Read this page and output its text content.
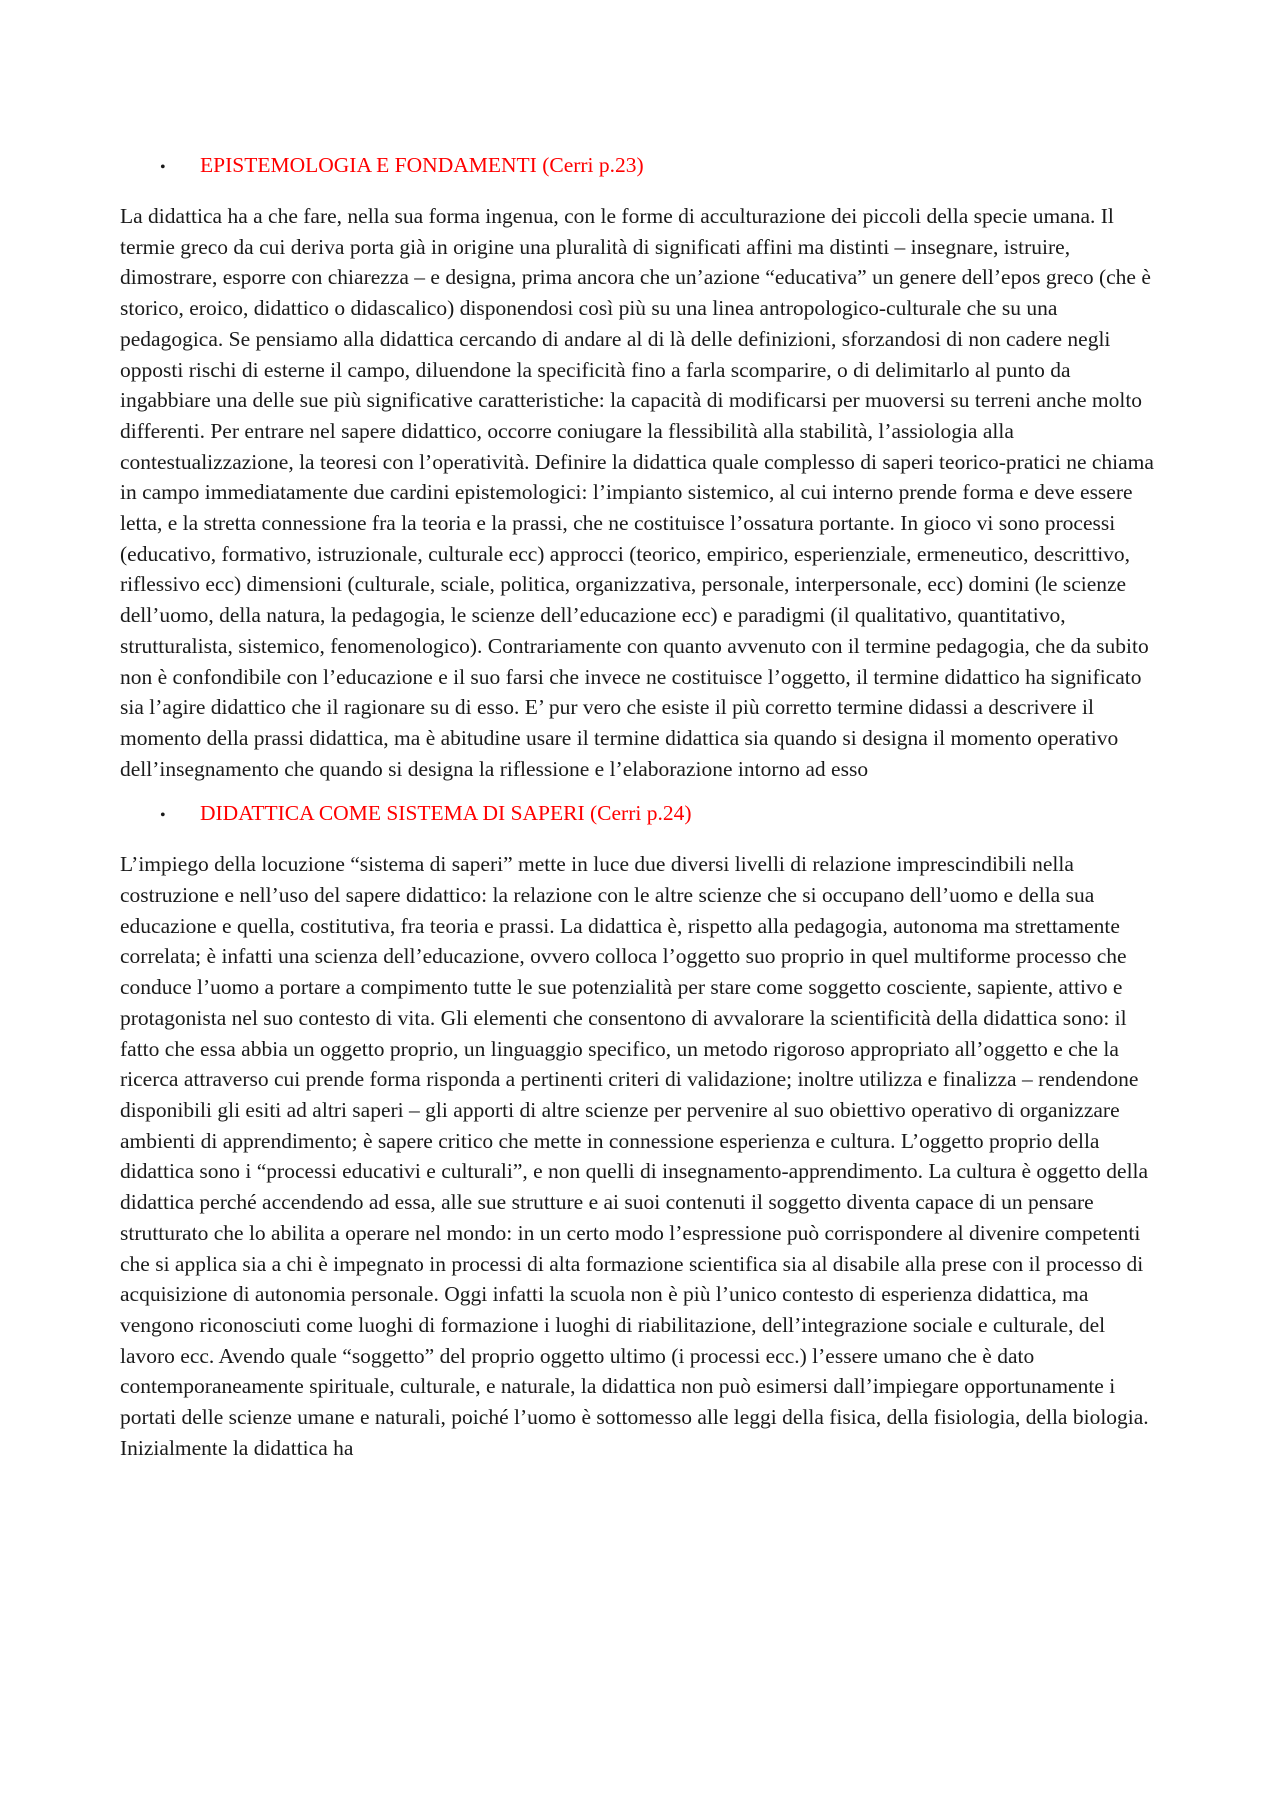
•	EPISTEMOLOGIA E FONDAMENTI (Cerri p.23)

La didattica ha a che fare, nella sua forma ingenua, con le forme di acculturazione dei piccoli della specie umana. Il termie greco da cui deriva porta già in origine una pluralità di significati affini ma distinti – insegnare, istruire, dimostrare, esporre con chiarezza – e designa, prima ancora che un’azione “educativa” un genere dell’epos greco (che è storico, eroico, didattico o didascalico) disponendosi così più su una linea antropologico-culturale che su una pedagogica. Se pensiamo alla didattica cercando di andare al di là delle definizioni, sforzandosi di non cadere negli opposti rischi di esterne il campo, diluendone la specificità fino a farla scomparire, o di delimitarlo al punto da ingabbiare una delle sue più significative caratteristiche: la capacità di modificarsi per muoversi su terreni anche molto differenti. Per entrare nel sapere didattico, occorre coniugare la flessibilità alla stabilità, l’assiologia alla contestualizzazione, la teoresi con l’operatività. Definire la didattica quale complesso di saperi teorico-pratici ne chiama in campo immediatamente due cardini epistemologici: l’impianto sistemico, al cui interno prende forma e deve essere letta, e la stretta connessione fra la teoria e la prassi, che ne costituisce l’ossatura portante. In gioco vi sono processi (educativo, formativo, istruzionale, culturale ecc) approcci (teorico, empirico, esperienziale, ermeneutico, descrittivo, riflessivo ecc) dimensioni (culturale, sciale, politica, organizzativa, personale, interpersonale, ecc) domini (le scienze dell’uomo, della natura, la pedagogia, le scienze dell’educazione ecc) e paradigmi (il qualitativo, quantitativo, strutturalista, sistemico, fenomenologico). Contrariamente con quanto avvenuto con il termine pedagogia, che da subito non è confondibile con l’educazione e il suo farsi che invece ne costituisce l’oggetto, il termine didattico ha significato sia l’agire didattico che il ragionare su di esso. E’ pur vero che esiste il più corretto termine didassi a descrivere il momento della prassi didattica, ma è abitudine usare il termine didattica sia quando si designa il momento operativo dell’insegnamento che quando si designa la riflessione e l’elaborazione intorno ad esso

•	DIDATTICA COME SISTEMA DI SAPERI (Cerri p.24)

L’impiego della locuzione “sistema di saperi” mette in luce due diversi livelli di relazione imprescindibili nella costruzione e nell’uso del sapere didattico: la relazione con le altre scienze che si occupano dell’uomo e della sua educazione e quella, costitutiva, fra teoria e prassi. La didattica è, rispetto alla pedagogia, autonoma ma strettamente correlata; è infatti una scienza dell’educazione, ovvero colloca l’oggetto suo proprio in quel multiforme processo che conduce l’uomo a portare a compimento tutte le sue potenzialità per stare come soggetto cosciente, sapiente, attivo e protagonista nel suo contesto di vita. Gli elementi che consentono di avvalorare la scientificità della didattica sono: il fatto che essa abbia un oggetto proprio, un linguaggio specifico, un metodo rigoroso appropriato all’oggetto e che la ricerca attraverso cui prende forma risponda a pertinenti criteri di validazione; inoltre utilizza e finalizza – rendendone disponibili gli esiti ad altri saperi – gli apporti di altre scienze per pervenire al suo obiettivo operativo di organizzare ambienti di apprendimento; è sapere critico che mette in connessione esperienza e cultura. L’oggetto proprio della didattica sono i “processi educativi e culturali”, e non quelli di insegnamento-apprendimento. La cultura è oggetto della didattica perché accendendo ad essa, alle sue strutture e ai suoi contenuti il soggetto diventa capace di un pensare strutturato che lo abilita a operare nel mondo: in un certo modo l’espressione può corrispondere al divenire competenti che si applica sia a chi è impegnato in processi di alta formazione scientifica sia al disabile alla prese con il processo di acquisizione di autonomia personale. Oggi infatti la scuola non è più l’unico contesto di esperienza didattica, ma vengono riconosciuti come luoghi di formazione i luoghi di riabilitazione, dell’integrazione sociale e culturale, del lavoro ecc. Avendo quale “soggetto” del proprio oggetto ultimo (i processi ecc.) l’essere umano che è dato contemporaneamente spirituale, culturale, e naturale, la didattica non può esimersi dall’impiegare opportunamente i portati delle scienze umane e naturali, poiché l’uomo è sottomesso alle leggi della fisica, della fisiologia, della biologia. Inizialmente la didattica ha
